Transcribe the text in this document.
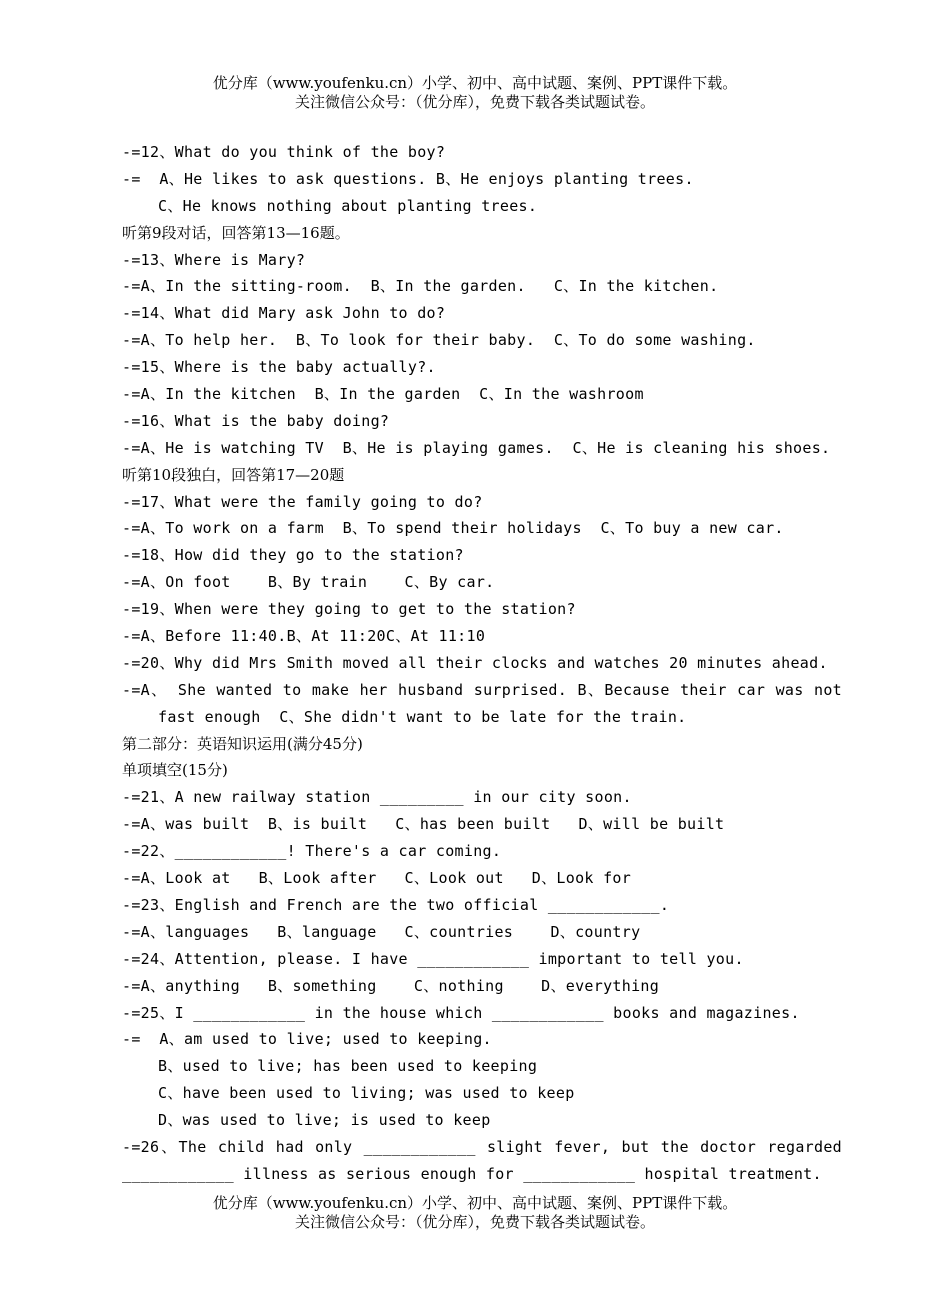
优分库（www.youfenku.cn）小学、初中、高中试题、案例、PPT课件下载。
关注微信公众号：（优分库），免费下载各类试题试卷。
-=12、What do you think of the boy?
-=  A、He likes to ask questions. B、He enjoys planting trees.
C、He knows nothing about planting trees.
听第9段对话，回答第13—16题。
-=13、Where is Mary?
-=A、In the sitting-room.  B、In the garden.   C、In the kitchen.
-=14、What did Mary ask John to do?
-=A、To help her.  B、To look for their baby.  C、To do some washing.
-=15、Where is the baby actually?.
-=A、In the kitchen  B、In the garden  C、In the washroom
-=16、What is the baby doing?
-=A、He is watching TV  B、He is playing games.  C、He is cleaning his shoes.
听第10段独白，回答第17—20题
-=17、What were the family going to do?
-=A、To work on a farm  B、To spend their holidays  C、To buy a new car.
-=18、How did they go to the station?
-=A、On foot    B、By train    C、By car.
-=19、When were they going to get to the station?
-=A、Before 11:40.B、At 11:20C、At 11:10
-=20、Why did Mrs Smith moved all their clocks and watches 20 minutes ahead.
-=A、 She wanted to make her husband surprised. B、Because their car was not
fast enough  C、She didn't want to be late for the train.
第二部分：英语知识运用(满分45分)
单项填空(15分)
-=21、A new railway station _________ in our city soon.
-=A、was built  B、is built   C、has been built   D、will be built
-=22、____________! There's a car coming.
-=A、Look at   B、Look after   C、Look out   D、Look for
-=23、English and French are the two official ____________.
-=A、languages   B、language   C、countries    D、country
-=24、Attention, please. I have ____________ important to tell you.
-=A、anything   B、something    C、nothing    D、everything
-=25、I ____________ in the house which ____________ books and magazines.
-=  A、am used to live; used to keeping.
B、used to live; has been used to keeping
C、have been used to living; was used to keep
D、was used to live; is used to keep
-=26、The child had only ____________ slight fever, but the doctor regarded
____________ illness as serious enough for ____________ hospital treatment.
优分库（www.youfenku.cn）小学、初中、高中试题、案例、PPT课件下载。
关注微信公众号：（优分库），免费下载各类试题试卷。
